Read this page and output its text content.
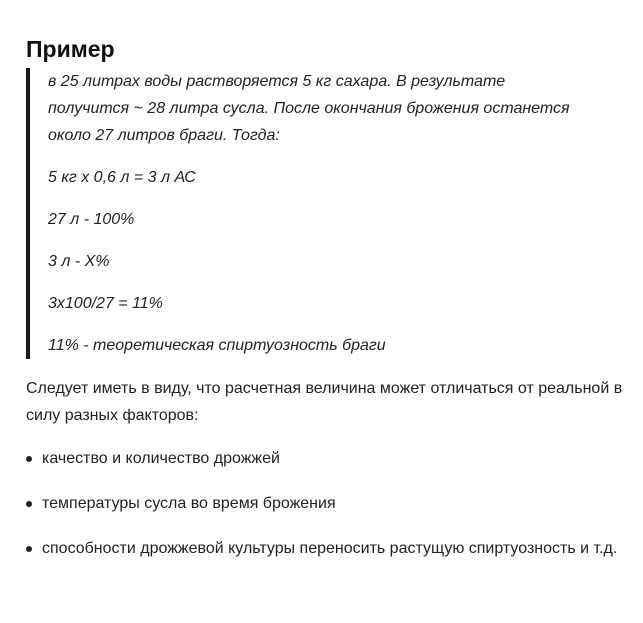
Пример

в 25 литрах воды растворяется 5 кг сахара. В результате получится ~ 28 литра сусла. После окончания брожения останется около 27 литров браги. Тогда:

5 кг х 0,6 л = 3 л АС

27 л - 100%

3 л - Х%

3х100/27 = 11%

11% - теоретическая спиртуозность браги

Следует иметь в виду, что расчетная величина может отличаться от реальной в силу разных факторов:

качество и количество дрожжей
температуры сусла во время брожения
способности дрожжевой культуры переносить растущую спиртуозность и т.д.
